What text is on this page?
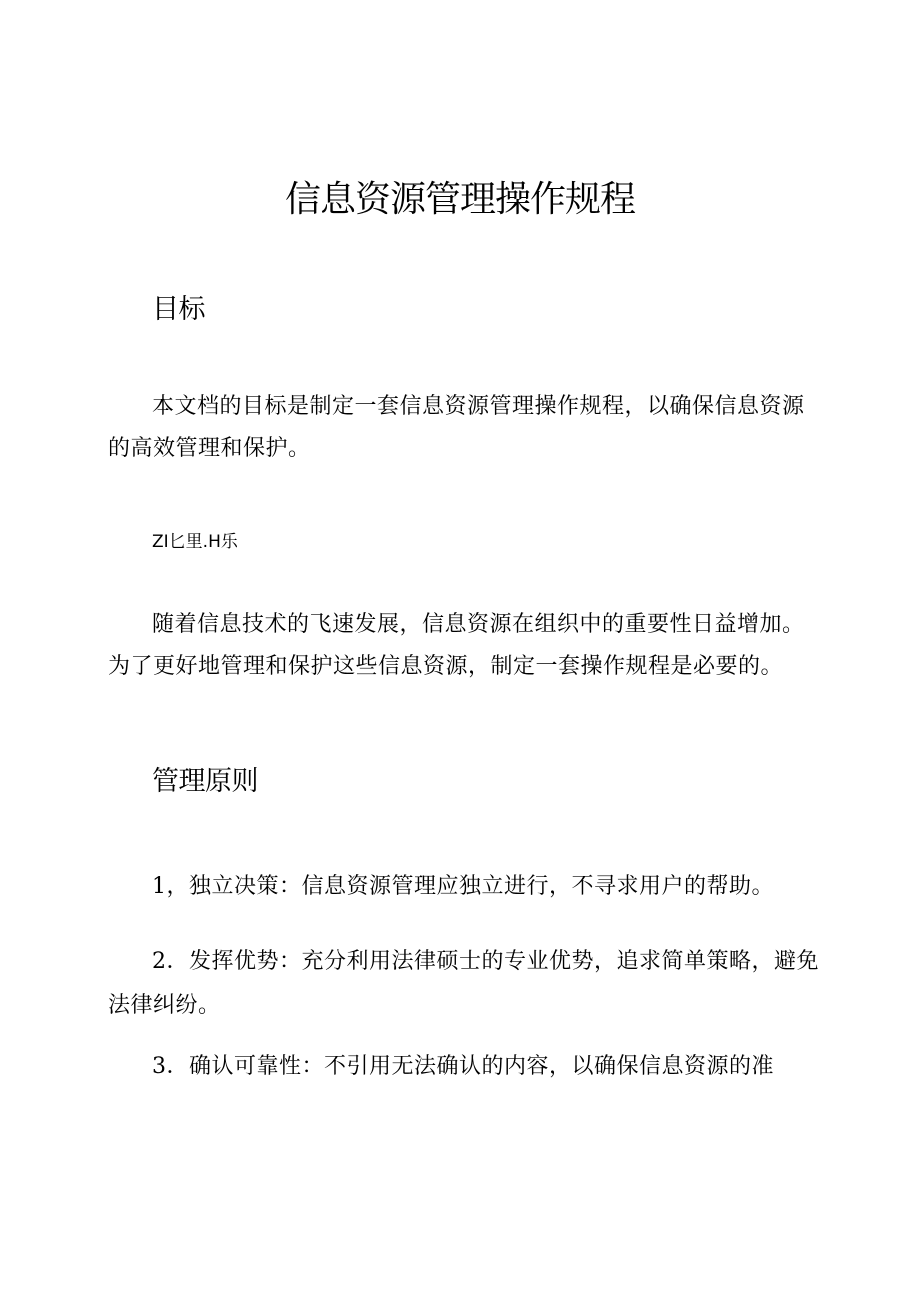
信息资源管理操作规程
目标

本文档的目标是制定一套信息资源管理操作规程，以确保信息资源的高效管理和保护。

ZI匕里.H乐

随着信息技术的飞速发展，信息资源在组织中的重要性日益增加。为了更好地管理和保护这些信息资源，制定一套操作规程是必要的。

管理原则

1，独立决策：信息资源管理应独立进行，不寻求用户的帮助。

2．发挥优势：充分利用法律硕士的专业优势，追求简单策略，避免法律纠纷。

3．确认可靠性：不引用无法确认的内容，以确保信息资源的准
